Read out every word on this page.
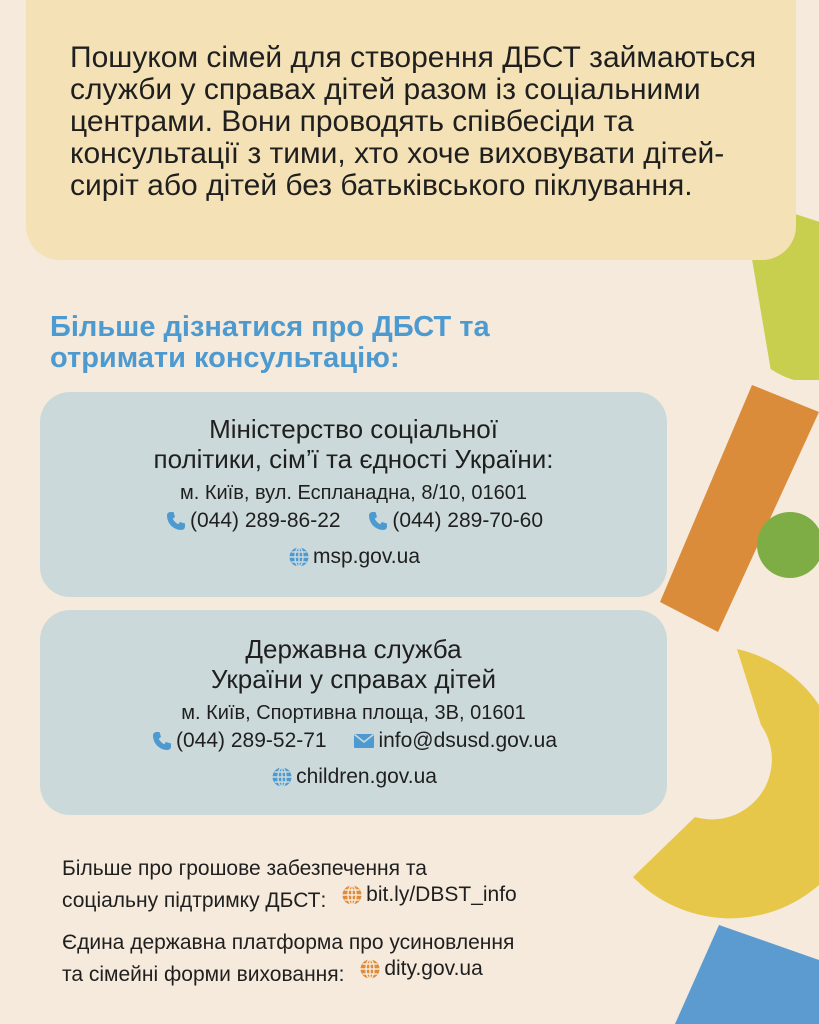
Пошуком сімей для створення ДБСТ займаються служби у справах дітей разом із соціальними центрами. Вони проводять співбесіди та консультації з тими, хто хоче виховувати дітей-сиріт або дітей без батьківського піклування.

Більше дізнатися про ДБСТ та отримати консультацію:
Міністерство соціальної
політики, сім’ї та єдності України:
м. Київ, вул. Еспланадна, 8/10, 01601
(044) 289-86-22
(044) 289-70-60
msp.gov.ua
Державна служба
України у справах дітей
м. Київ, Спортивна площа, 3В, 01601
(044) 289-52-71
info@dsusd.gov.ua
children.gov.ua

Більше про грошове забезпечення та
соціальну підтримку ДБСТ: bit.ly/DBST_info

Єдина державна платформа про усиновлення
та сімейні форми виховання: dity.gov.ua
